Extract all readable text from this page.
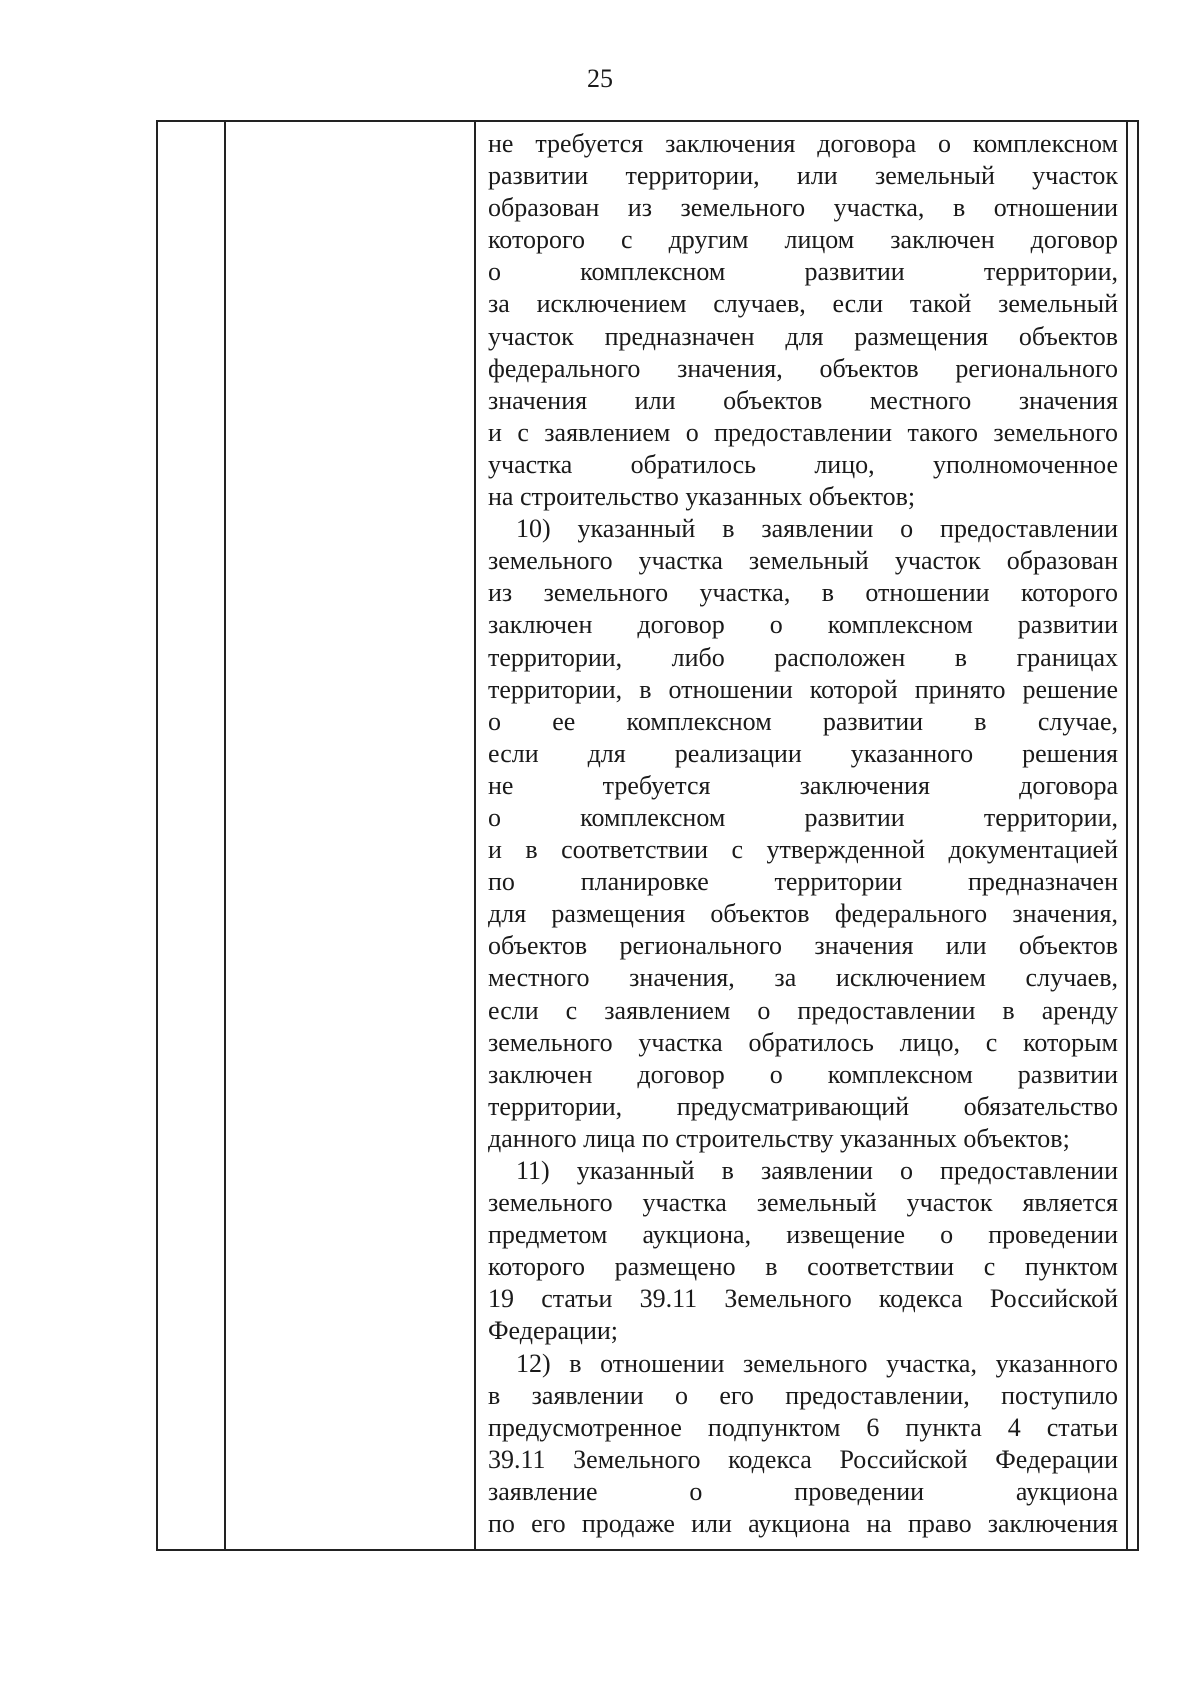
25
не требуется заключения договора о комплексном
развитии территории, или земельный участок
образован из земельного участка, в отношении
которого с другим лицом заключен договор
о комплексном развитии территории,
за исключением случаев, если такой земельный
участок предназначен для размещения объектов
федерального значения, объектов регионального
значения или объектов местного значения
и с заявлением о предоставлении такого земельного
участка обратилось лицо, уполномоченное
на строительство указанных объектов;
10) указанный в заявлении о предоставлении
земельного участка земельный участок образован
из земельного участка, в отношении которого
заключен договор о комплексном развитии
территории, либо расположен в границах
территории, в отношении которой принято решение
о ее комплексном развитии в случае,
если для реализации указанного решения
не требуется заключения договора
о комплексном развитии территории,
и в соответствии с утвержденной документацией
по планировке территории предназначен
для размещения объектов федерального значения,
объектов регионального значения или объектов
местного значения, за исключением случаев,
если с заявлением о предоставлении в аренду
земельного участка обратилось лицо, с которым
заключен договор о комплексном развитии
территории, предусматривающий обязательство
данного лица по строительству указанных объектов;
11) указанный в заявлении о предоставлении
земельного участка земельный участок является
предметом аукциона, извещение о проведении
которого размещено в соответствии с пунктом
19 статьи 39.11 Земельного кодекса Российской
Федерации;
12) в отношении земельного участка, указанного
в заявлении о его предоставлении, поступило
предусмотренное подпунктом 6 пункта 4 статьи
39.11 Земельного кодекса Российской Федерации
заявление о проведении аукциона
по его продаже или аукциона на право заключения
